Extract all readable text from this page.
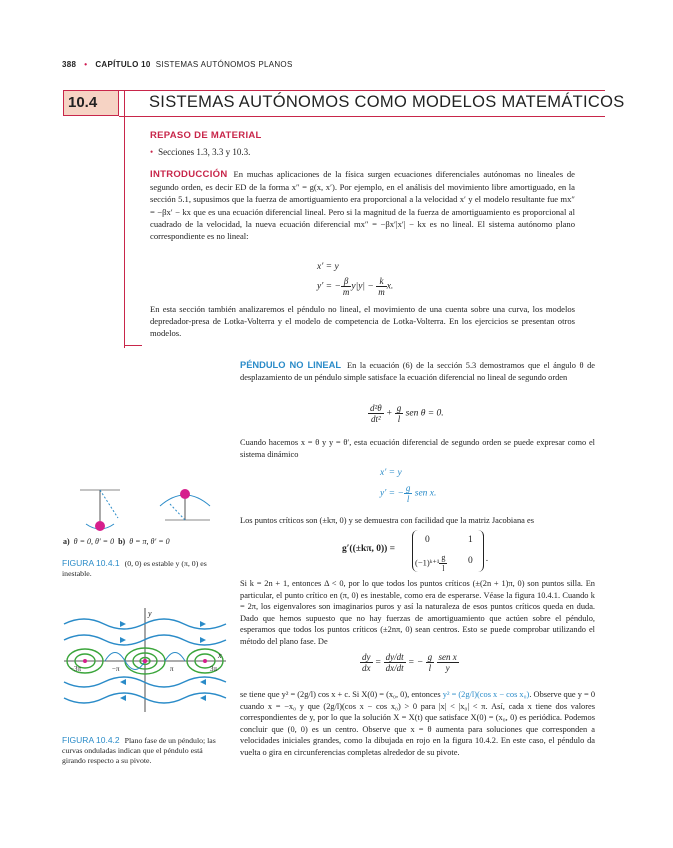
388 • CAPÍTULO 10 SISTEMAS AUTÓNOMOS PLANOS
10.4	SISTEMAS AUTÓNOMOS COMO MODELOS MATEMÁTICOS
REPASO DE MATERIAL
• Secciones 1.3, 3.3 y 10.3.
INTRODUCCIÓN En muchas aplicaciones de la física surgen ecuaciones diferenciales autónomas no lineales de segundo orden, es decir ED de la forma x″ = g(x, x′). Por ejemplo, en el análisis del movimiento libre amortiguado, en la sección 5.1, supusimos que la fuerza de amortiguamiento era proporcional a la velocidad x′ y el modelo resultante fue mx″ = −βx′ − kx que es una ecuación diferencial lineal. Pero si la magnitud de la fuerza de amortiguamiento es proporcional al cuadrado de la velocidad, la nueva ecuación diferencial mx″ = −βx′|x′| − kx es no lineal. El sistema autónomo plano correspondiente es no lineal:
x′ = y
y′ = − $\frac{\beta}{m} y|y| - \frac{k}{m} x$.
En esta sección también analizaremos el péndulo no lineal, el movimiento de una cuenta sobre una curva, los modelos depredador-presa de Lotka-Volterra y el modelo de competencia de Lotka-Volterra. En los ejercicios se presentan otros modelos.
PÉNDULO NO LINEAL En la ecuación (6) de la sección 5.3 demostramos que el ángulo θ de desplazamiento de un péndulo simple satisface la ecuación diferencial no lineal de segundo orden
$\frac{\text{d²θ}}{\text{dt²}} + \frac{g}{l}$ sen θ = 0.
Cuando hacemos x = θ y y = θ′, esta ecuación diferencial de segundo orden se puede expresar como el sistema dinámico
x′ = y
y′ = − $\frac{g}{l}$ sen x.
Los puntos críticos son (±kπ, 0) y se demuestra con facilidad que la matriz Jacobiana es
g′((±kπ, 0)) =
0	1
(−1)ᵏ⁺¹ $\frac{g}{l} 0$ .
Si k = 2n + 1, entonces Δ < 0, por lo que todos los puntos críticos (±(2n + 1)π, 0) son puntos silla. En particular, el punto crítico en (π, 0) es inestable, como era de esperarse. Véase la figura 10.4.1. Cuando k = 2π, los eigenvalores son imaginarios puros y así la naturaleza de esos puntos críticos queda en duda. Dado que hemos supuesto que no hay fuerzas de amortiguamiento que actúen sobre el péndulo, esperamos que todos los puntos críticos (±2nπ, 0) sean centros. Esto se puede comprobar utilizando el método del plano fase. De
$\frac{dy}{dx} = \frac{dy/dt}{dx/dt}$ = − $\frac{g}{l}$
$\frac{\text{sen x}}{y}$
se tiene que y² = (2g/l) cos x + c. Si X(0) = (x₀, 0), entonces y² = (2g/l)(cos x − cos x₀). Observe que y = 0 cuando x = −x₀ y que (2g/l)(cos x − cos x₀) > 0 para |x| < |x₀| < π. Así, cada x tiene dos valores correspondientes de y, por lo que la solución X = X(t) que satisface X(0) = (x₀, 0) es periódica. Podemos concluir que (0, 0) es un centro. Observe que x = θ aumenta para soluciones que corresponden a velocidades iniciales grandes, como la dibujada en rojo en la figura 10.4.2. En este caso, el péndulo da vuelta o gira en circunferencias completas alrededor de su pivote.
a) θ = 0, θ′ = 0 b) θ = π, θ′ = 0
FIGURA 10.4.1 (0, 0) es estable y (π, 0) es inestable.
y
x
−3π	−π	π	3π
FIGURA 10.4.2 Plano fase de un péndulo; las curvas onduladas indican que el péndulo está girando respecto a su pivote.
